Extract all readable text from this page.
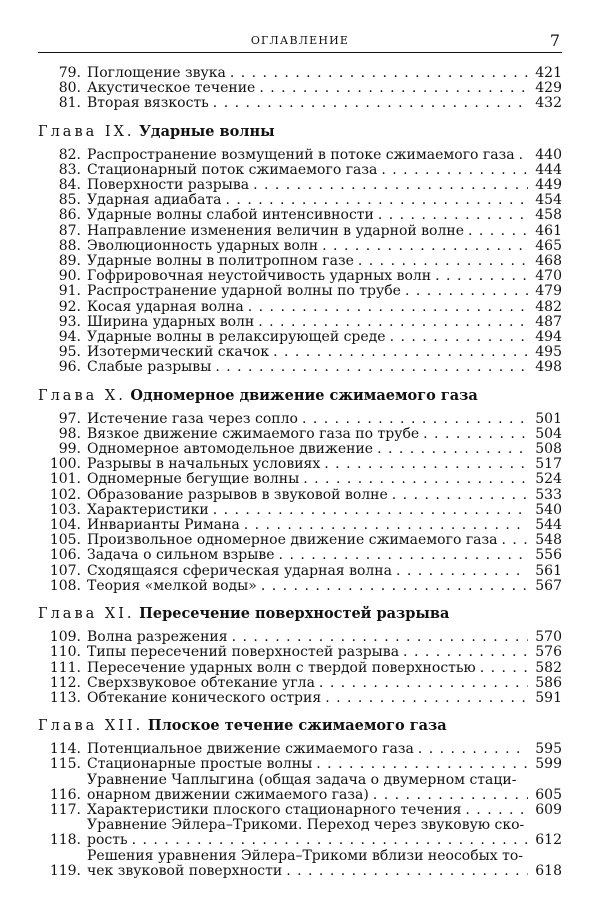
ОГЛАВЛЕНИЕ	7
79. Поглощение звука . . .	421
80. Акустическое течение . . .	429
81. Вторая вязкость . . .	432
Глава IX. Ударные волны
82. Распространение возмущений в потоке сжимаемого газа . . . 440
83. Стационарный поток сжимаемого газа . . .	444
84. Поверхности разрыва . . .	449
85. Ударная адиабата . . .	454
86. Ударные волны слабой интенсивности . . .	458
87. Направление изменения величин в ударной волне . . .	461
88. Эволюционность ударных волн . . .	465
89. Ударные волны в политропном газе . . .	468
90. Гофрировочная неустойчивость ударных волн . . .	470
91. Распространение ударной волны по трубе . . .	479
92. Косая ударная волна . . .	482
93. Ширина ударных волн . . .	487
94. Ударные волны в релаксирующей среде . . .	494
95. Изотермический скачок . . .	495
96. Слабые разрывы . . .	498
Глава X. Одномерное движение сжимаемого газа
97. Истечение газа через сопло . . .	501
98. Вязкое движение сжимаемого газа по трубе . . .	504
99. Одномерное автомодельное движение . . .	508
100. Разрывы в начальных условиях . . .	517
101. Одномерные бегущие волны . . .	524
102. Образование разрывов в звуковой волне . . .	533
103. Характеристики . . .	540
104. Инварианты Римана . . .	544
105. Произвольное одномерное движение сжимаемого газа . . .	548
106. Задача о сильном взрыве . . .	556
107. Сходящаяся сферическая ударная волна . . .	561
108. Теория «мелкой воды» . . .	567
Глава XI. Пересечение поверхностей разрыва
109. Волна разрежения . . .	570
110. Типы пересечений поверхностей разрыва . . .	576
111. Пересечение ударных волн с твердой поверхностью . . .	582
112. Сверхзвуковое обтекание угла . . .	586
113. Обтекание конического острия . . .	591
Глава XII. Плоское течение сжимаемого газа
114. Потенциальное движение сжимаемого газа . . .	595
115. Стационарные простые волны . . .	599
116.
Уравнение Чаплыгина (общая задача о двумерном стаци-
онарном движении сжимаемого газа) . . .	605
117. Характеристики плоского стационарного течения . . .	609
118.
Уравнение Эйлера–Трикоми. Переход через звуковую ско-
рость . . .	612
119.
Решения уравнения Эйлера–Трикоми вблизи неособых то-
чек звуковой поверхности . . .	618
